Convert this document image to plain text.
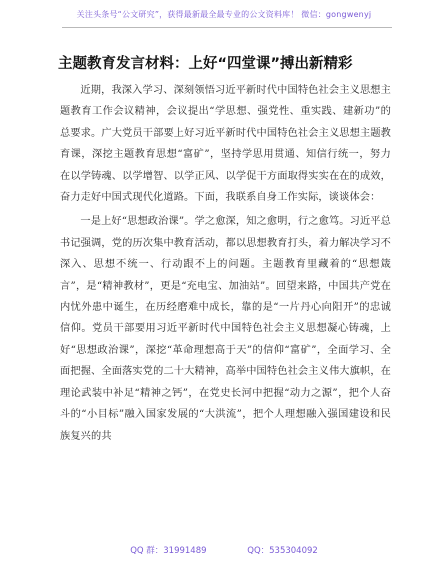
关注头条号“公文研究”，获得最新最全最专业的公文资料库！ 微信：gongwenyj
主题教育发言材料：上好“四堂课”搏出新精彩

近期，我深入学习、深刻领悟习近平新时代中国特色社会主义思想主题教育工作会议精神，会议提出“学思想、强党性、重实践、建新功”的总要求。广大党员干部要上好习近平新时代中国特色社会主义思想主题教育课，深挖主题教育思想“富矿”，坚持学思用贯通、知信行统一，努力在以学铸魂、以学增智、以学正风、以学促干方面取得实实在在的成效，奋力走好中国式现代化道路。下面，我联系自身工作实际，谈谈体会：

一是上好“思想政治课”。学之愈深，知之愈明，行之愈笃。习近平总书记强调，党的历次集中教育活动，都以思想教育打头，着力解决学习不深入、思想不统一、行动跟不上的问题。主题教育里藏着的“思想箴言”，是“精神教材”，更是“充电宝、加油站”。回望来路，中国共产党在内忧外患中诞生，在历经磨难中成长，靠的是“一片丹心向阳开”的忠诚信仰。党员干部要用习近平新时代中国特色社会主义思想凝心铸魂，上好“思想政治课”，深挖“革命理想高于天”的信仰“富矿”，全面学习、全面把握、全面落实党的二十大精神，高举中国特色社会主义伟大旗帜，在理论武装中补足“精神之钙”，在党史长河中把握“动力之源”，把个人奋斗的“小目标”融入国家发展的“大洪流”，把个人理想融入强国建设和民族复兴的共

QQ 群：31991489	QQ：535304092
